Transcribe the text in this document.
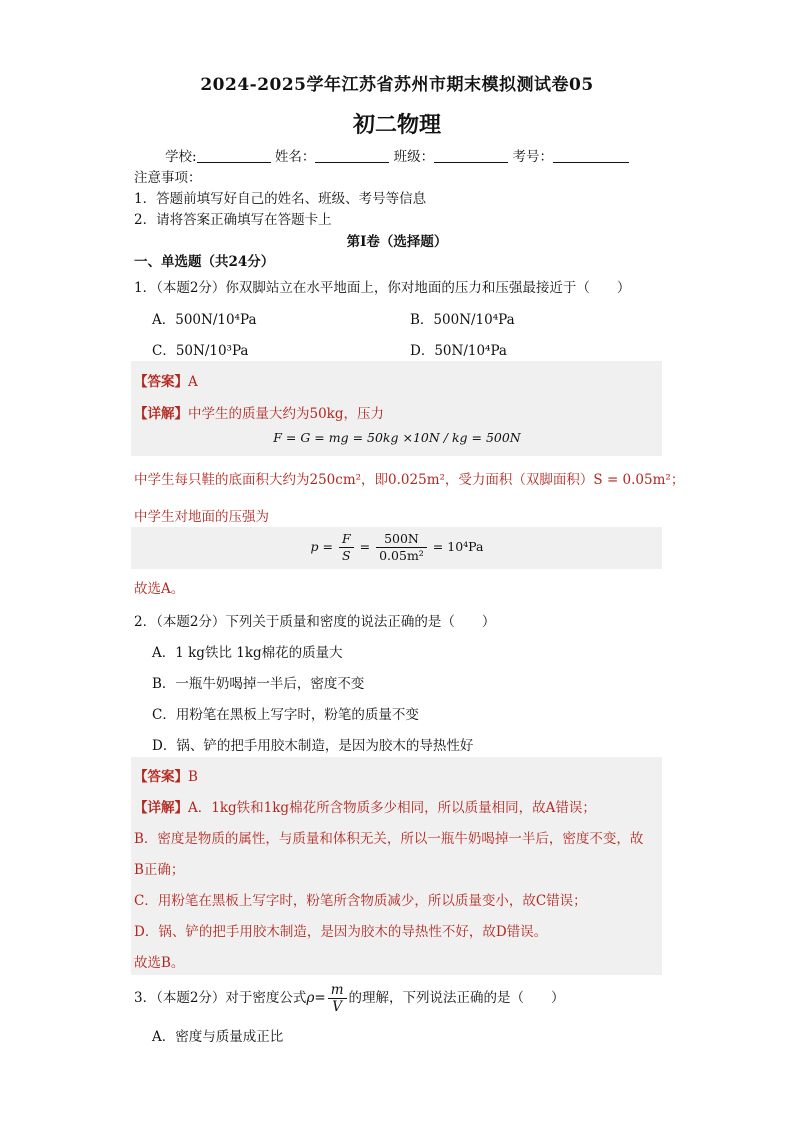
2024-2025学年江苏省苏州市期末模拟测试卷05
初二物理
学校:	姓名：	班级：	考号：
注意事项：
1．答题前填写好自己的姓名、班级、考号等信息
2．请将答案正确填写在答题卡上
第I卷（选择题）
一、单选题（共24分）
1．（本题2分）你双脚站立在水平地面上，你对地面的压力和压强最接近于（　　）
A．500N/10⁴Pa	B．500N/10⁴Pa
C．50N/10³Pa	D．50N/10⁴Pa
【答案】A
【详解】中学生的质量大约为50kg，压力
F = G = mg = 50kg ×10N / kg = 500N
中学生每只鞋的底面积大约为250cm²，即0.025m²，受力面积（双脚面积）S = 0.05m²；
中学生对地面的压强为
$p = \frac{F}{S} = \frac{500N}{\text{0.05m²}} = 10^4Pa$
故选A。
2．（本题2分）下列关于质量和密度的说法正确的是（　　）
A．1 kg铁比 1kg棉花的质量大
B．一瓶牛奶喝掉一半后，密度不变
C．用粉笔在黑板上写字时，粉笔的质量不变
D．锅、铲的把手用胶木制造，是因为胶木的导热性好
【答案】B
【详解】A．1kg铁和1kg棉花所含物质多少相同，所以质量相同，故A错误；
B．密度是物质的属性，与质量和体积无关，所以一瓶牛奶喝掉一半后，密度不变，故
B正确；
C．用粉笔在黑板上写字时，粉笔所含物质减少，所以质量变小，故C错误；
D．锅、铲的把手用胶木制造，是因为胶木的导热性不好，故D错误。
故选B。
3．（本题2分）对于密度公式$\rho= \frac{m}{V}$ 的理解，下列说法正确的是（　　）
A．密度与质量成正比
